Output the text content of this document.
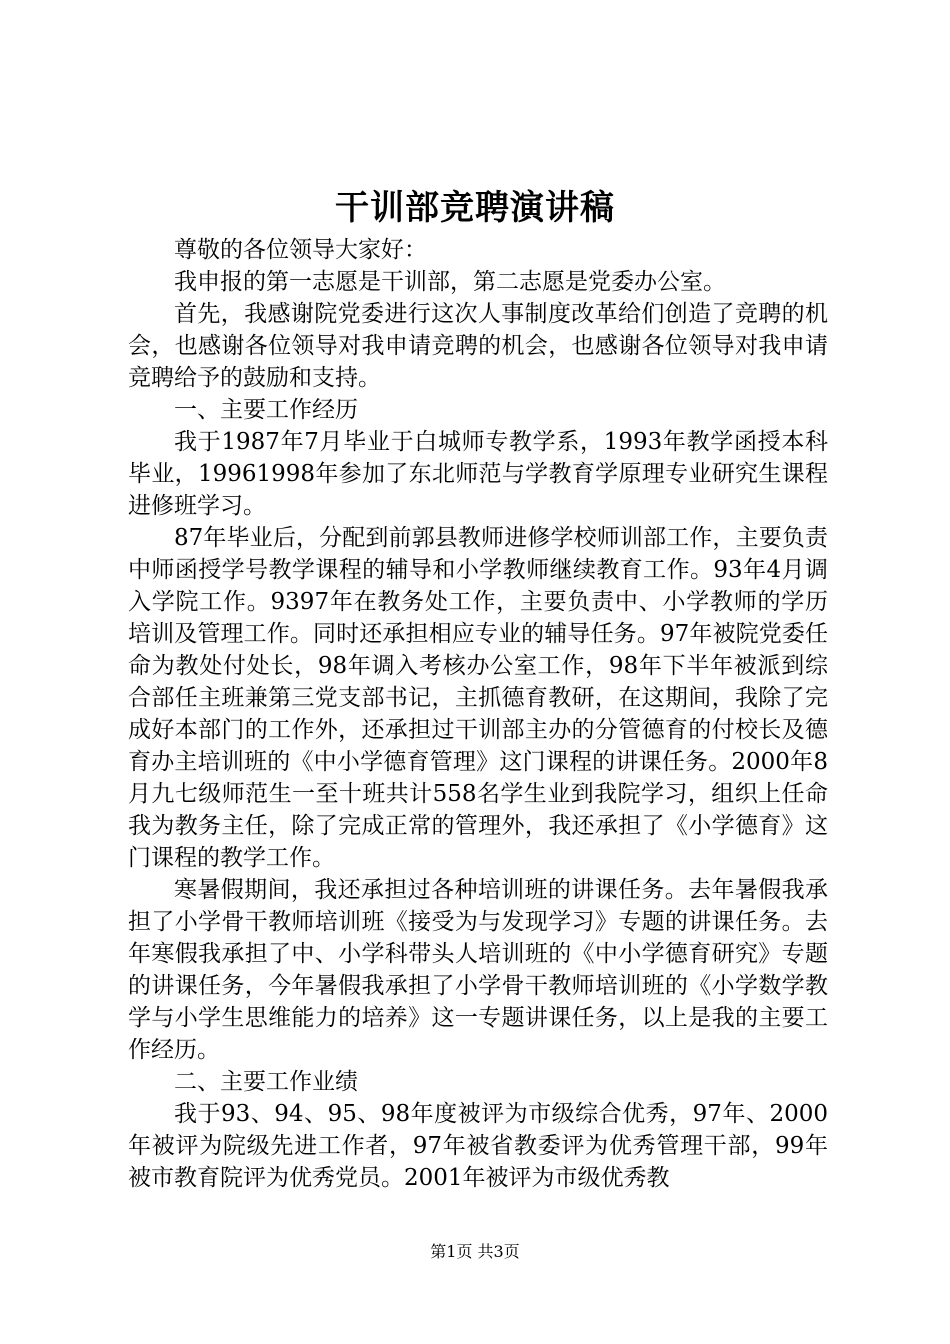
干训部竞聘演讲稿

尊敬的各位领导大家好：

我申报的第一志愿是干训部，第二志愿是党委办公室。

首先，我感谢院党委进行这次人事制度改革给们创造了竞聘的机会，也感谢各位领导对我申请竞聘的机会，也感谢各位领导对我申请竞聘给予的鼓励和支持。

一、主要工作经历

我于1987年7月毕业于白城师专教学系，1993年教学函授本科毕业，19961998年参加了东北师范与学教育学原理专业研究生课程进修班学习。

87年毕业后，分配到前郭县教师进修学校师训部工作，主要负责中师函授学号教学课程的辅导和小学教师继续教育工作。93年4月调入学院工作。9397年在教务处工作，主要负责中、小学教师的学历培训及管理工作。同时还承担相应专业的辅导任务。97年被院党委任命为教处付处长，98年调入考核办公室工作，98年下半年被派到综合部任主班兼第三党支部书记，主抓德育教研，在这期间，我除了完成好本部门的工作外，还承担过干训部主办的分管德育的付校长及德育办主培训班的《中小学德育管理》这门课程的讲课任务。2000年8月九七级师范生一至十班共计558名学生业到我院学习，组织上任命我为教务主任，除了完成正常的管理外，我还承担了《小学德育》这门课程的教学工作。

寒暑假期间，我还承担过各种培训班的讲课任务。去年暑假我承担了小学骨干教师培训班《接受为与发现学习》专题的讲课任务。去年寒假我承担了中、小学科带头人培训班的《中小学德育研究》专题的讲课任务，今年暑假我承担了小学骨干教师培训班的《小学数学教学与小学生思维能力的培养》这一专题讲课任务，以上是我的主要工作经历。

二、主要工作业绩

我于93、94、95、98年度被评为市级综合优秀，97年、2000年被评为院级先进工作者，97年被省教委评为优秀管理干部，99年被市教育院评为优秀党员。2001年被评为市级优秀教

第1页 共3页
